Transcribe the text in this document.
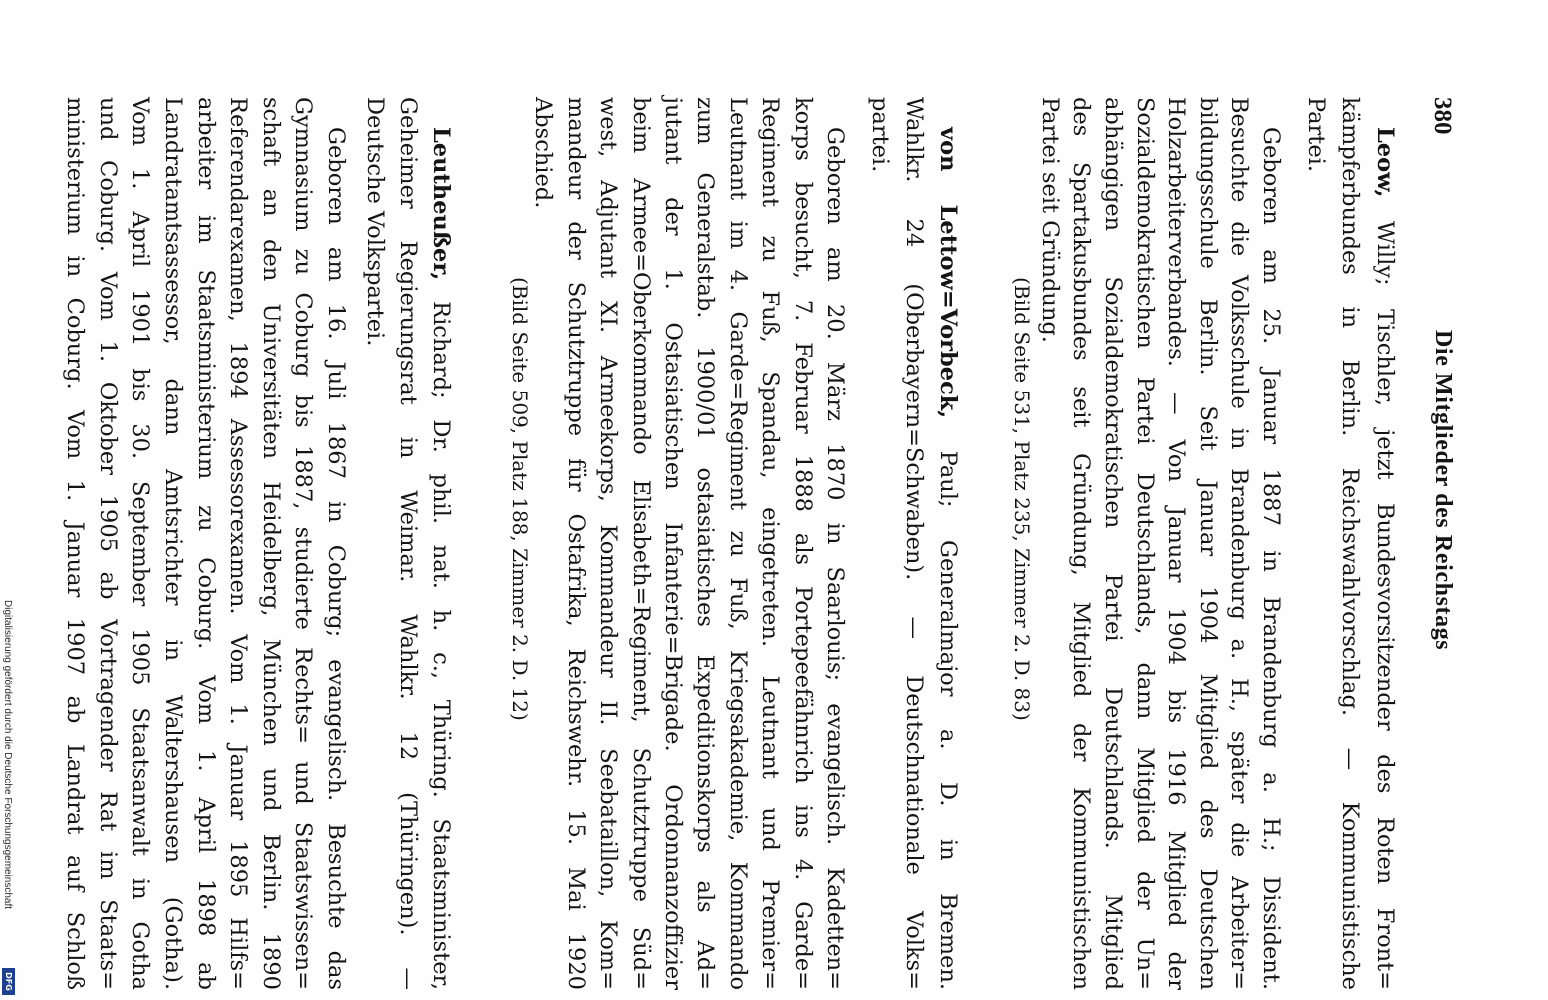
380
Die Mitglieder des Reichstags
Leow, Willy; Tischler, jetzt Bundesvorsitzender des Roten Front=
kämpferbundes in Berlin. Reichswahlvorschlag. — Kommunistische
Partei.
Geboren am 25. Januar 1887 in Brandenburg a. H.; Dissident.
Besuchte die Volksschule in Brandenburg a. H., später die Arbeiter=
bildungsschule Berlin. Seit Januar 1904 Mitglied des Deutschen
Holzarbeiterverbandes. — Von Januar 1904 bis 1916 Mitglied der
Sozialdemokratischen Partei Deutschlands, dann Mitglied der Un=
abhängigen Sozialdemokratischen Partei Deutschlands. Mitglied
des Spartakusbundes seit Gründung, Mitglied der Kommunistischen
Partei seit Gründung.
(Bild Seite 531, Platz 235, Zimmer 2. D. 83)
von Lettow=Vorbeck, Paul; Generalmajor a. D. in Bremen.
Wahlkr. 24 (Oberbayern=Schwaben). — Deutschnationale Volks=
partei.
Geboren am 20. März 1870 in Saarlouis; evangelisch. Kadetten=
korps besucht, 7. Februar 1888 als Portepeefähnrich ins 4. Garde=
Regiment zu Fuß, Spandau, eingetreten. Leutnant und Premier=
Leutnant im 4. Garde=Regiment zu Fuß, Kriegsakademie, Kommando
zum Generalstab. 1900/01 ostasiatisches Expeditionskorps als Ad=
jutant der 1. Ostasiatischen Infanterie=Brigade. Ordonnanzoffizier
beim Armee=Oberkommando Elisabeth=Regiment, Schutztruppe Süd=
west, Adjutant XI. Armeekorps, Kommandeur II. Seebataillon, Kom=
mandeur der Schutztruppe für Ostafrika, Reichswehr. 15. Mai 1920
Abschied.
(Bild Seite 509, Platz 188, Zimmer 2. D. 12)
Leutheußer, Richard; Dr. phil. nat. h. c., Thüring. Staatsminister,
Geheimer Regierungsrat in Weimar. Wahlkr. 12 (Thüringen). —
Deutsche Volkspartei.
Geboren am 16. Juli 1867 in Coburg; evangelisch. Besuchte das
Gymnasium zu Coburg bis 1887, studierte Rechts= und Staatswissen=
schaft an den Universitäten Heidelberg, München und Berlin. 1890
Referendarexamen, 1894 Assessorexamen. Vom 1. Januar 1895 Hilfs=
arbeiter im Staatsministerium zu Coburg. Vom 1. April 1898 ab
Landratamtsassessor, dann Amtsrichter in Waltershausen (Gotha).
Vom 1. April 1901 bis 30. September 1905 Staatsanwalt in Gotha
und Coburg. Vom 1. Oktober 1905 ab Vortragender Rat im Staats=
ministerium in Coburg. Vom 1. Januar 1907 ab Landrat auf Schloß
Digitalisierung gefördert durch die Deutsche Forschungsgemeinschaft
DFG
